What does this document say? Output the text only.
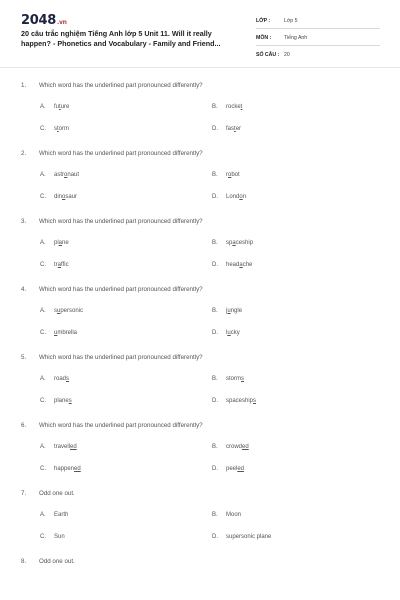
2048.vn
20 câu trắc nghiệm Tiếng Anh lớp 5 Unit 11. Will it really
happen? - Phonetics and Vocabulary - Family and Friend...
LỚP :	Lớp 5
MÔN : Tiếng Anh
SỐ CÂU : 20
1. Which word has the underlined part pronounced differently?
A. future	B. rocket
C. storm	D. faster
2. Which word has the underlined part pronounced differently?
A. astronaut	B. robot
C. dinosaur	D. London
3. Which word has the underlined part pronounced differently?
A. plane	B. spaceship
C. traffic	D. headache
4. Which word has the underlined part pronounced differently?
A. supersonic	B. jungle
C. umbrella	D. lucky
5. Which word has the underlined part pronounced differently?
A. roads	B. storms
C. planes	D. spaceships
6. Which word has the underlined part pronounced differently?
A. travelled	B. crowded
C. happened	D. peeled
7. Odd one out.
A. Earth	B. Moon
C. Sun	D. supersonic plane
8. Odd one out.
